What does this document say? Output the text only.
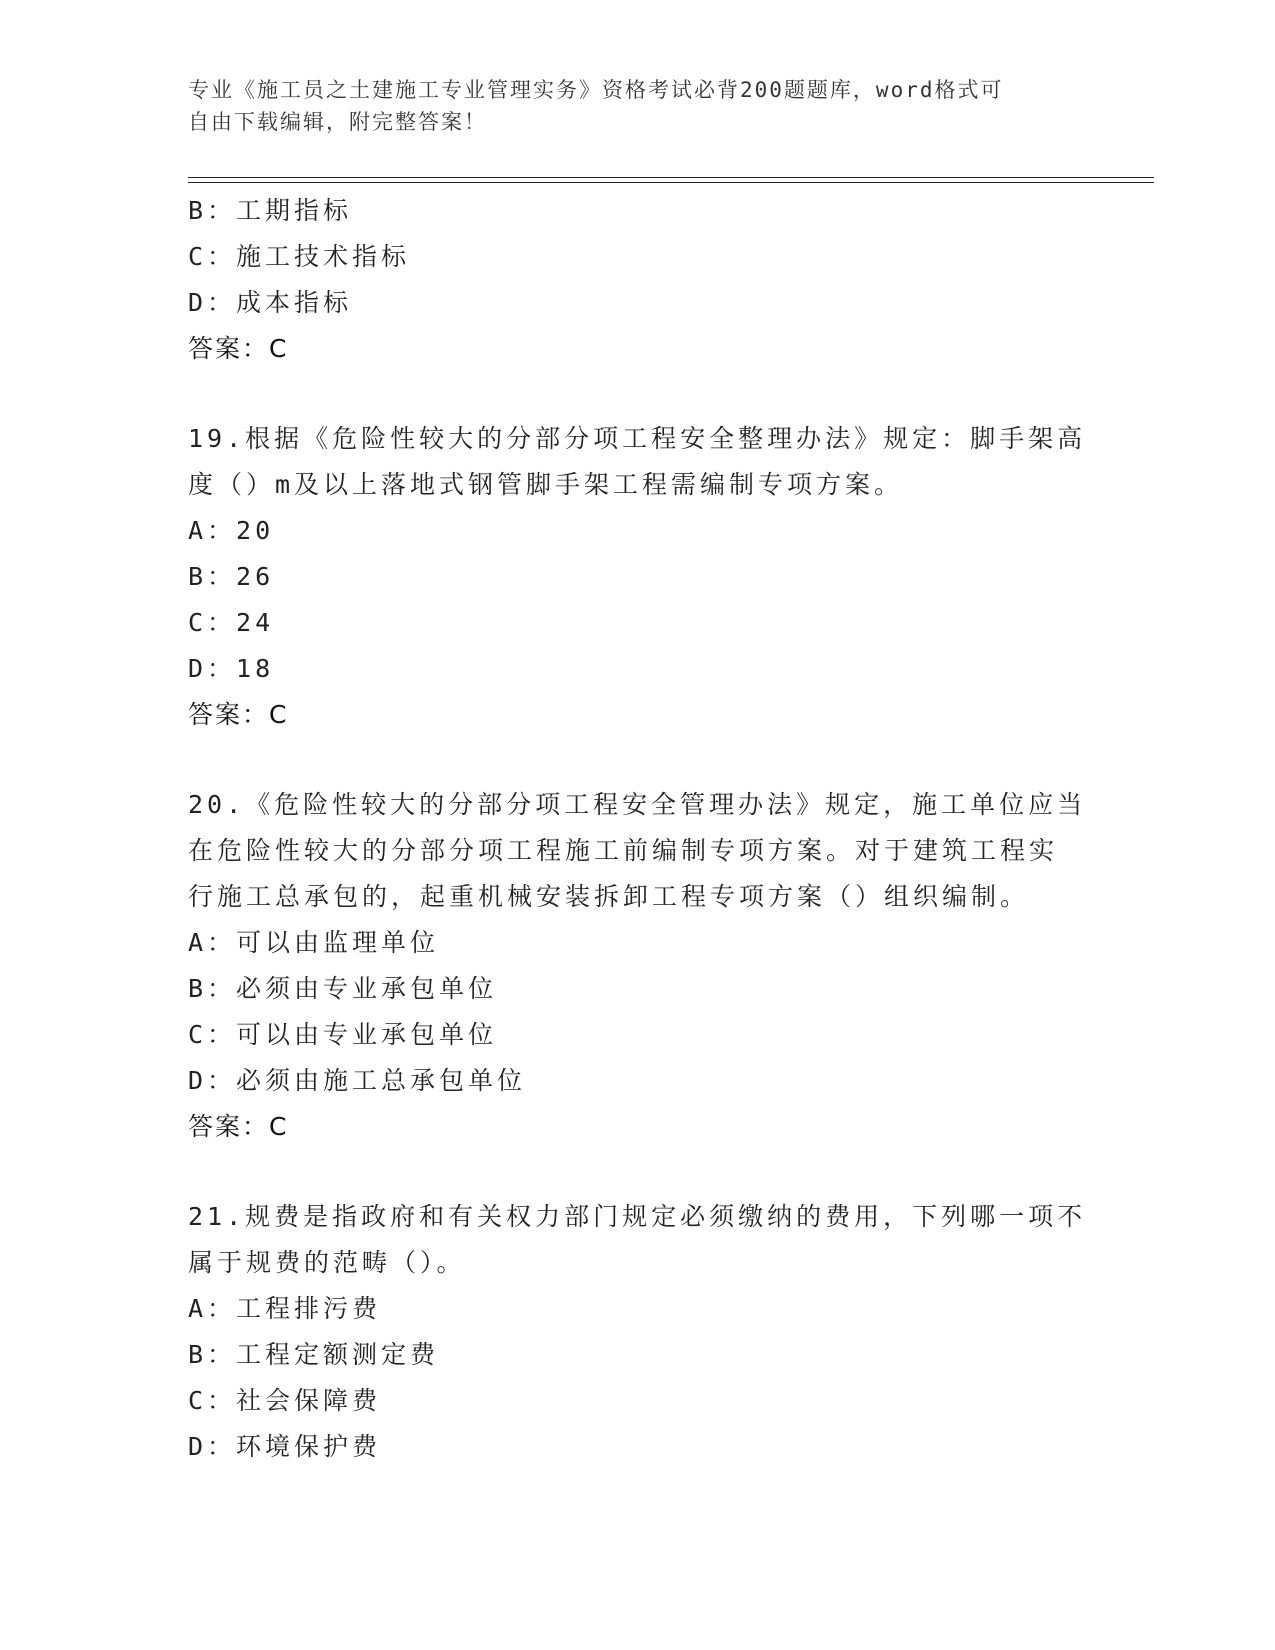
专业《施工员之土建施工专业管理实务》资格考试必背200题题库，word格式可
自由下载编辑，附完整答案！
B：工期指标
C：施工技术指标
D：成本指标
答案：C
19.根据《危险性较大的分部分项工程安全整理办法》规定：脚手架高
度（）m及以上落地式钢管脚手架工程需编制专项方案。
A：20
B：26
C：24
D：18
答案：C
20.《危险性较大的分部分项工程安全管理办法》规定，施工单位应当
在危险性较大的分部分项工程施工前编制专项方案。对于建筑工程实
行施工总承包的，起重机械安装拆卸工程专项方案（）组织编制。
A：可以由监理单位
B：必须由专业承包单位
C：可以由专业承包单位
D：必须由施工总承包单位
答案：C
21.规费是指政府和有关权力部门规定必须缴纳的费用，下列哪一项不
属于规费的范畴（）。
A：工程排污费
B：工程定额测定费
C：社会保障费
D：环境保护费
